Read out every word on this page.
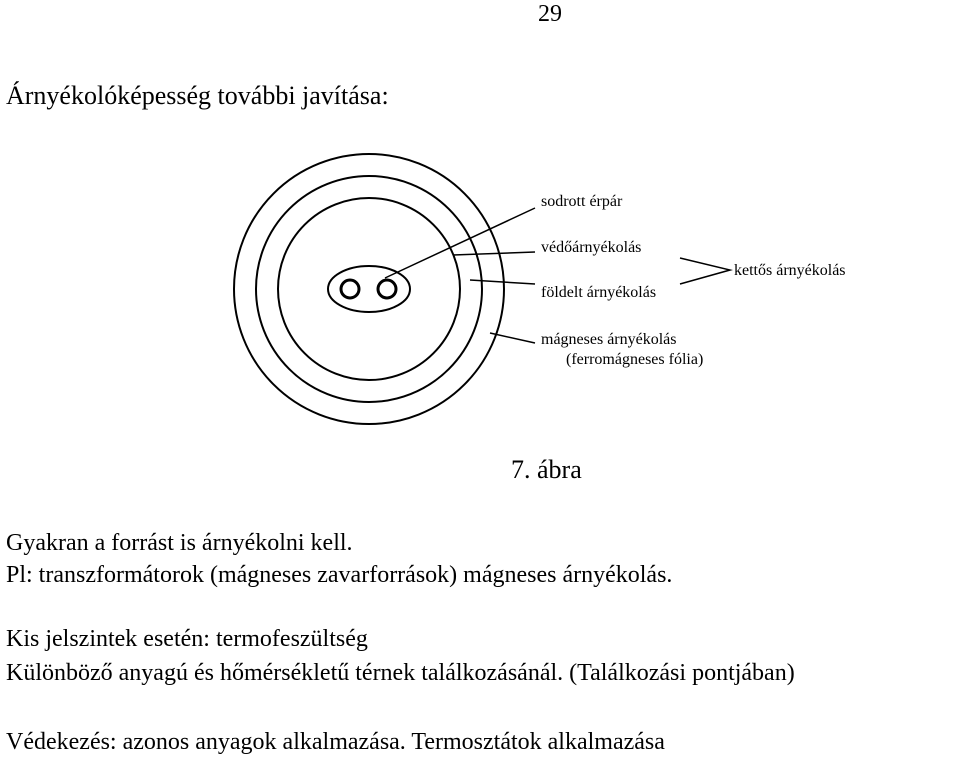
29
Árnyékolóképesség további javítása:
sodrott érpár
védőárnyékolás
földelt árnyékolás
mágneses árnyékolás
(ferromágneses fólia)
kettős árnyékolás
7. ábra
Gyakran a forrást is árnyékolni kell.
Pl: transzformátorok (mágneses zavarforrások) mágneses árnyékolás.
Kis jelszintek esetén: termofeszültség
Különböző anyagú és hőmérsékletű térnek találkozásánál. (Találkozási pontjában)
Védekezés: azonos anyagok alkalmazása. Termosztátok alkalmazása
